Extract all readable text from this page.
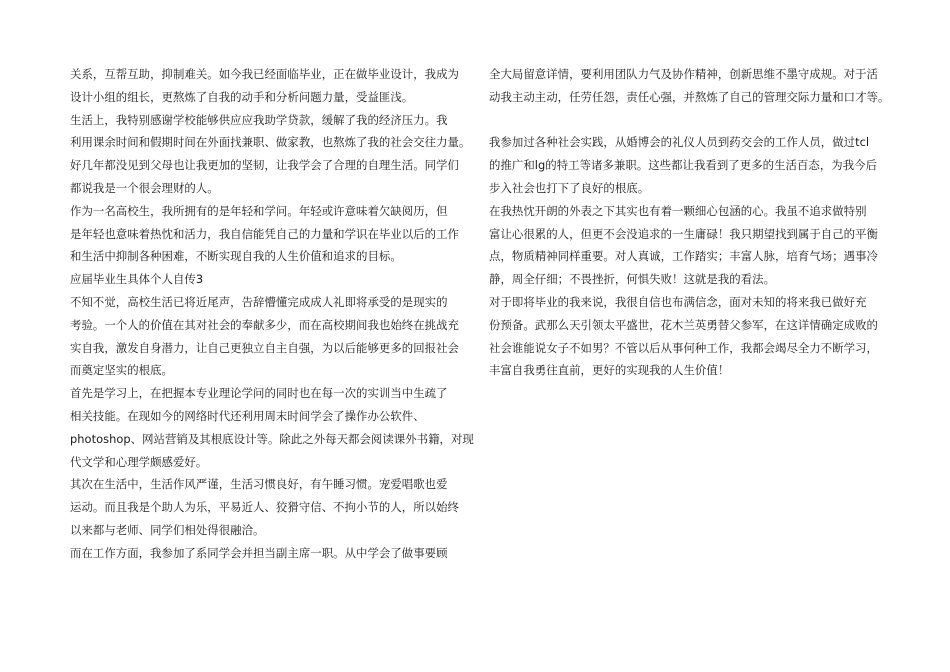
关系，互帮互助，抑制难关。如今我已经面临毕业，正在做毕业设计，我成为
设计小组的组长，更熬炼了自我的动手和分析问题力量，受益匪浅。
生活上，我特别感谢学校能够供应应我助学贷款，缓解了我的经济压力。我
利用课余时间和假期时间在外面找兼职、做家教，也熬炼了我的社会交往力量。
好几年都没见到父母也让我更加的坚韧，让我学会了合理的自理生活。同学们
都说我是一个很会理财的人。
作为一名高校生，我所拥有的是年轻和学问。年轻或许意味着欠缺阅历，但
是年轻也意味着热忱和活力，我自信能凭自己的力量和学识在毕业以后的工作
和生活中抑制各种困难，不断实现自我的人生价值和追求的目标。
应届毕业生具体个人自传3
不知不觉，高校生活已将近尾声，告辞懵懂完成成人礼即将承受的是现实的
考验。一个人的价值在其对社会的奉献多少，而在高校期间我也始终在挑战充
实自我，激发自身潜力，让自己更独立自主自强，为以后能够更多的回报社会
而奠定坚实的根底。
首先是学习上，在把握本专业理论学问的同时也在每一次的实训当中生疏了
相关技能。在现如今的网络时代还利用周末时间学会了操作办公软件、
photoshop、网站营销及其根底设计等。除此之外每天都会阅读课外书籍，对现
代文学和心理学颇感爱好。
其次在生活中，生活作风严谨，生活习惯良好，有午睡习惯。宠爱唱歌也爱
运动。而且我是个助人为乐，平易近人、狡猾守信、不拘小节的人，所以始终
以来都与老师、同学们相处得很融洽。
而在工作方面，我参加了系同学会并担当副主席一职。从中学会了做事要顾
全大局留意详情，要利用团队力气及协作精神，创新思维不墨守成规。对于活
动我主动主动，任劳任怨，责任心强，并熬炼了自己的管理交际力量和口才等。
我参加过各种社会实践，从婚博会的礼仪人员到药交会的工作人员，做过tcl
的推广和lg的特工等诸多兼职。这些都让我看到了更多的生活百态，为我今后
步入社会也打下了良好的根底。
在我热忱开朗的外表之下其实也有着一颗细心包涵的心。我虽不追求做特别
富让心很累的人，但更不会没追求的一生庸碌！我只期望找到属于自己的平衡
点，物质精神同样重要。对人真诚，工作踏实；丰富人脉，培育气场；遇事冷
静，周全仔细；不畏挫折，何惧失败！这就是我的看法。
对于即将毕业的我来说，我很自信也布满信念，面对未知的将来我已做好充
份预备。武那么天引领太平盛世，花木兰英勇替父参军，在这详情确定成败的
社会谁能说女子不如男？不管以后从事何种工作，我都会竭尽全力不断学习，
丰富自我勇往直前，更好的实现我的人生价值！
